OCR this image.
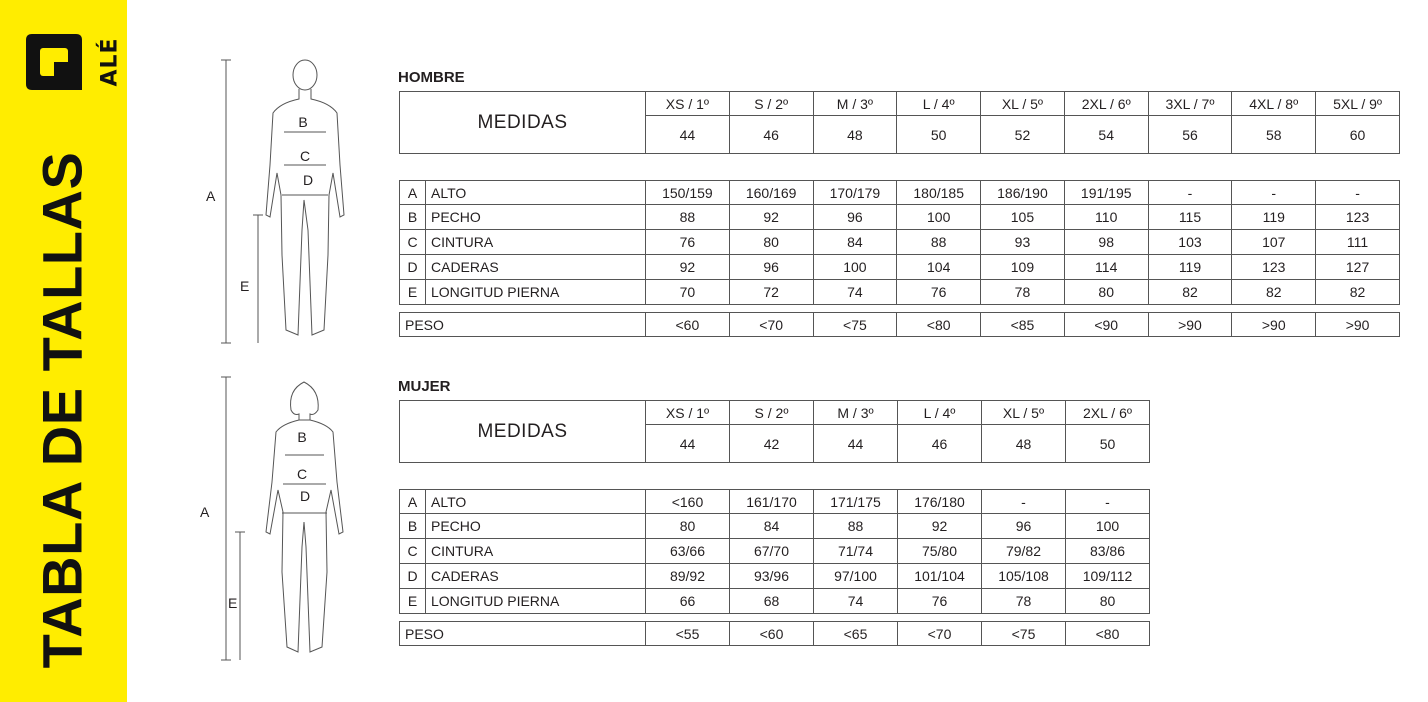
ALÉ
TABLA DE TALLAS
B
C
D
A
E
B
C
D
A
E
HOMBRE
MEDIDAS	XS / 1º	S / 2º	M / 3º	L / 4º	XL / 5º	2XL / 6º	3XL / 7º	4XL / 8º	5XL / 9º
	44	46	48	50	52	54	56	58	60
A	ALTO	150/159	160/169	170/179	180/185	186/190	191/195	-	-	-
B	PECHO	88	92	96	100	105	110	115	119	123
C	CINTURA	76	80	84	88	93	98	103	107	111
D	CADERAS	92	96	100	104	109	114	119	123	127
E	LONGITUD PIERNA	70	72	74	76	78	80	82	82	82
PESO	<60	<70	<75	<80	<85	<90	>90	>90	>90
MUJER
MEDIDAS	XS / 1º	S / 2º	M / 3º	L / 4º	XL / 5º	2XL / 6º
	44	42	44	46	48	50
A	ALTO	<160	161/170	171/175	176/180	-	-
B	PECHO	80	84	88	92	96	100
C	CINTURA	63/66	67/70	71/74	75/80	79/82	83/86
D	CADERAS	89/92	93/96	97/100	101/104	105/108	109/112
E	LONGITUD PIERNA	66	68	74	76	78	80
PESO	<55	<60	<65	<70	<75	<80
